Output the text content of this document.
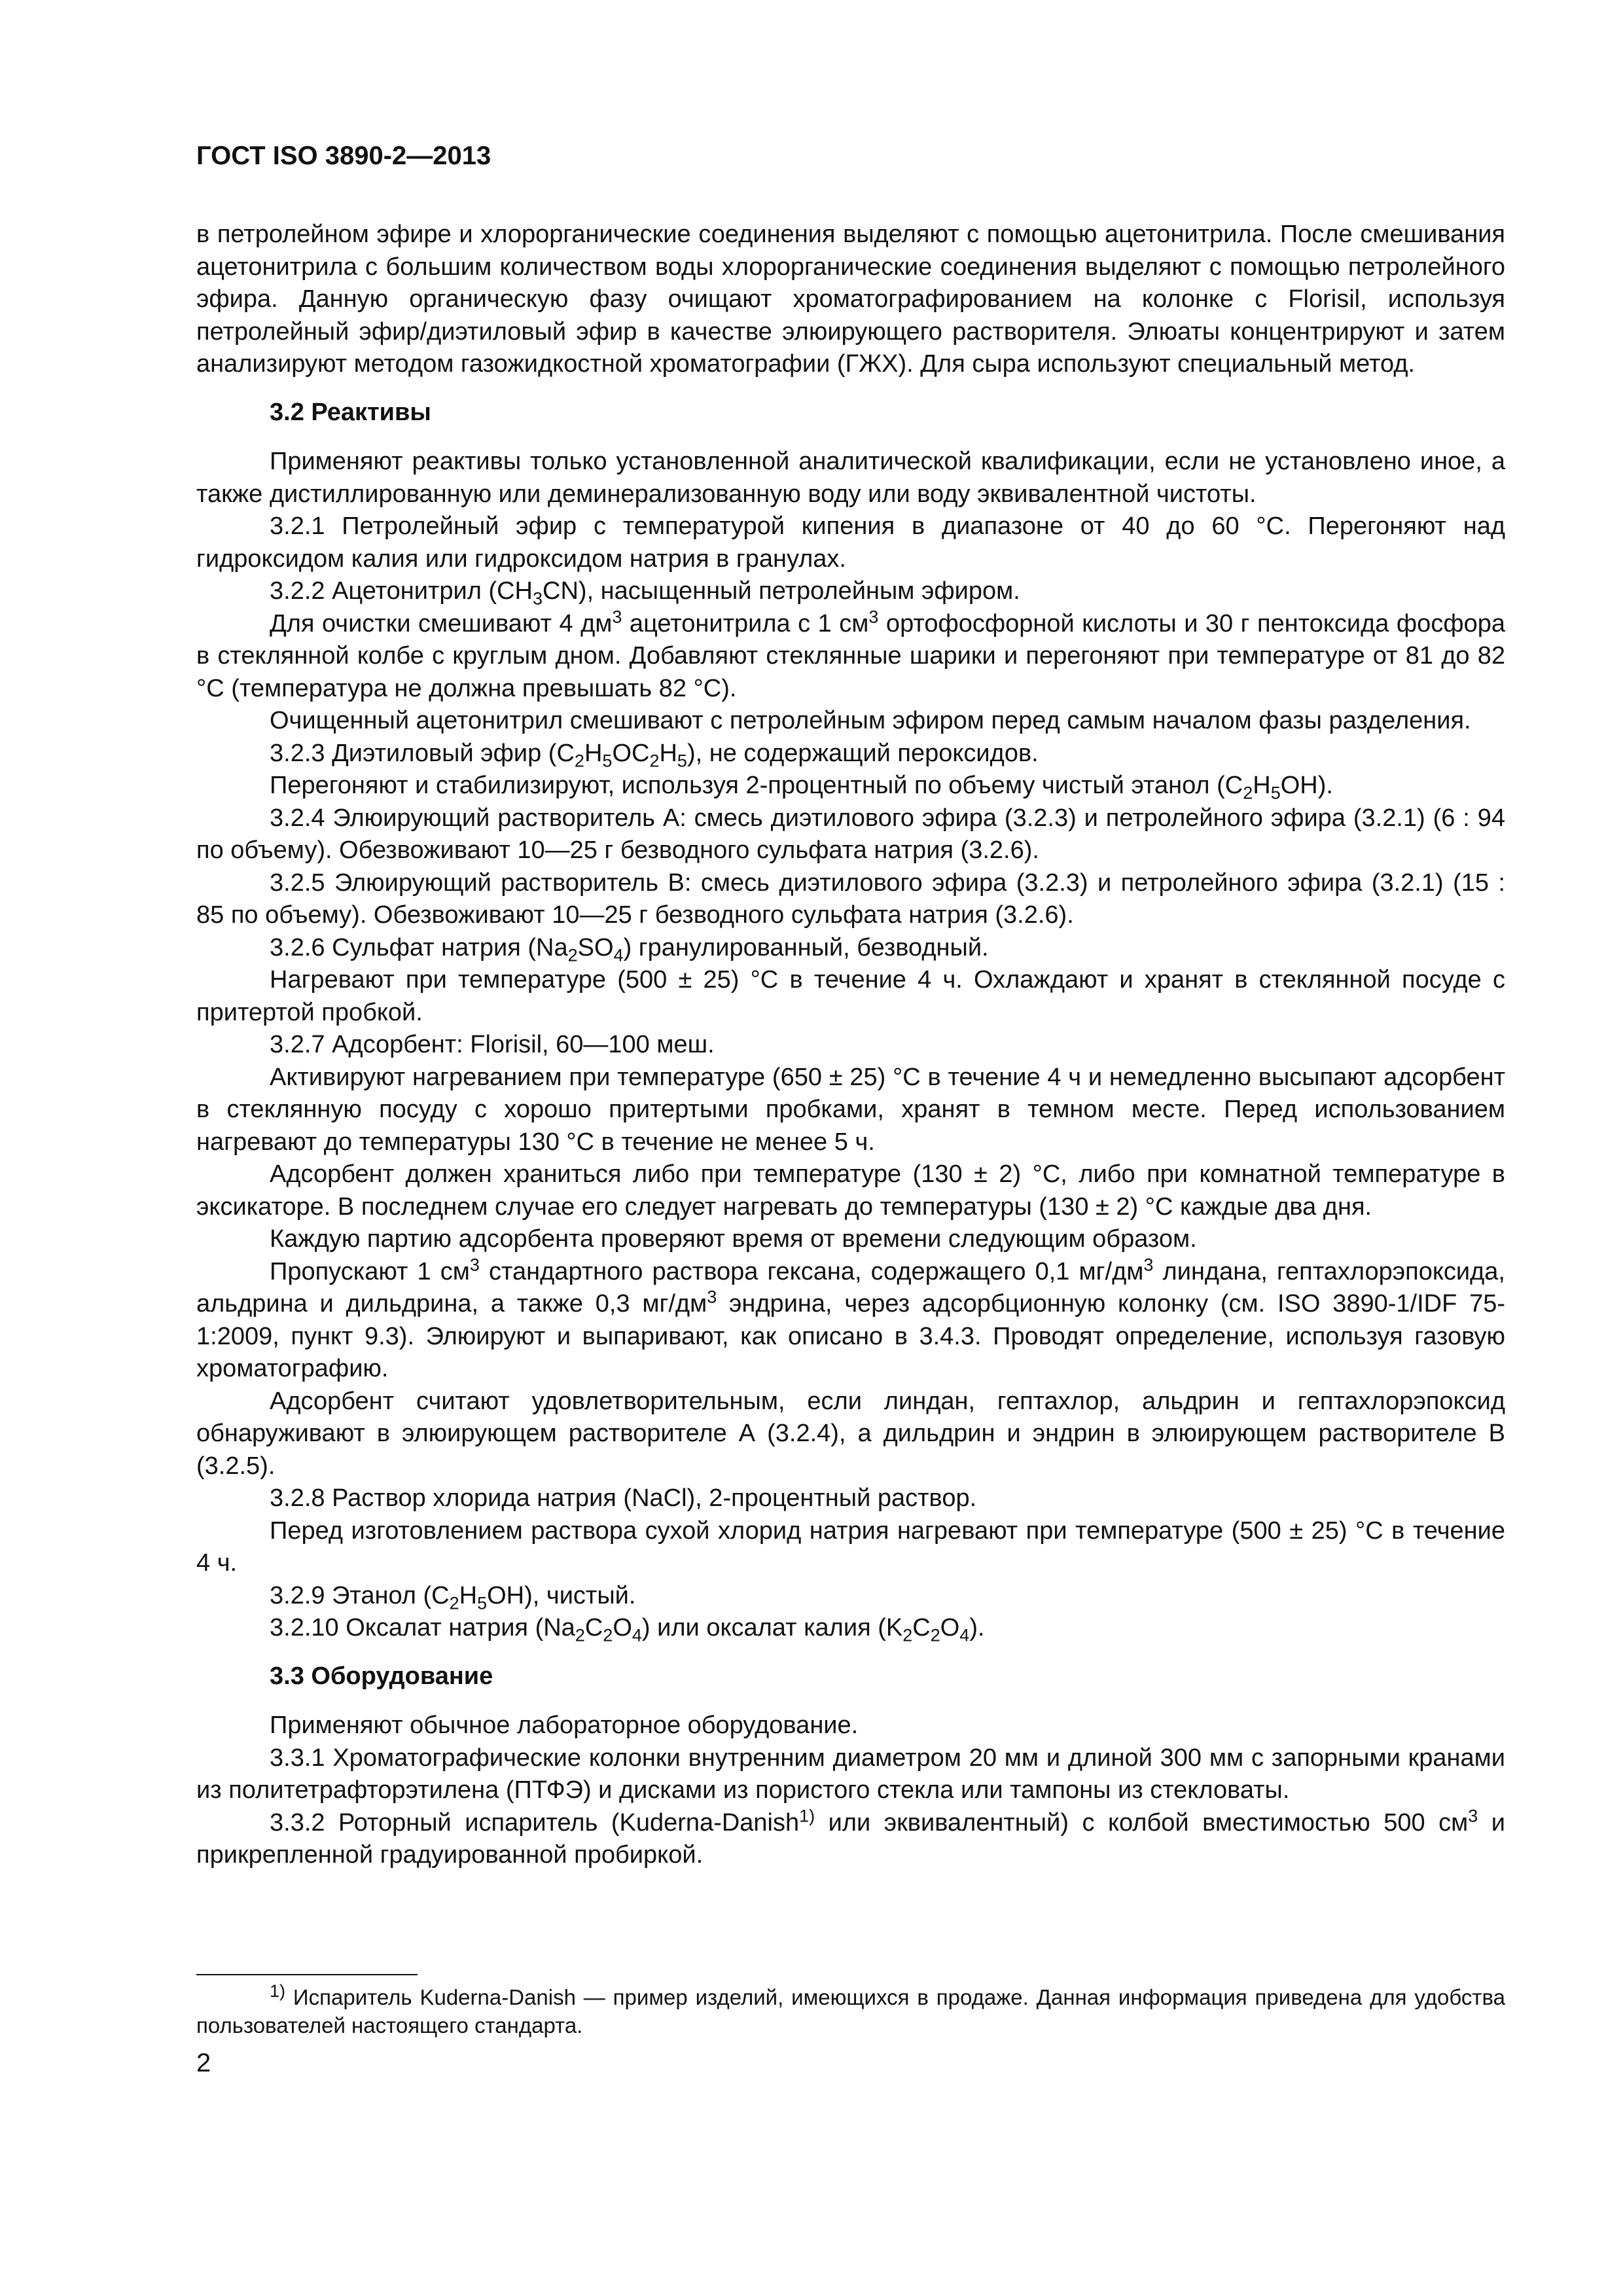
ГОСТ ISO 3890-2—2013

в петролейном эфире и хлорорганические соединения выделяют с помощью ацетонитрила. После смешивания ацетонитрила с большим количеством воды хлорорганические соединения выделяют с помощью петролейного эфира. Данную органическую фазу очищают хроматографированием на колонке с Florisil, используя петролейный эфир/диэтиловый эфир в качестве элюирующего растворителя. Элюаты концентрируют и затем анализируют методом газожидкостной хроматографии (ГЖХ). Для сыра используют специальный метод.

3.2 Реактивы

Применяют реактивы только установленной аналитической квалификации, если не установлено иное, а также дистиллированную или деминерализованную воду или воду эквивалентной чистоты.

3.2.1 Петролейный эфир с температурой кипения в диапазоне от 40 до 60 °С. Перегоняют над гидроксидом калия или гидроксидом натрия в гранулах.

3.2.2 Ацетонитрил $(CH_3CN)$, насыщенный петролейным эфиром.

Для очистки смешивают 4 $дм^3$ ацетонитрила с 1 $см^3$ ортофосфорной кислоты и 30 г пентоксида фосфора в стеклянной колбе с круглым дном. Добавляют стеклянные шарики и перегоняют при температуре от 81 до 82 °С (температура не должна превышать 82 °С).

Очищенный ацетонитрил смешивают с петролейным эфиром перед самым началом фазы разделения.

3.2.3 Диэтиловый эфир $(C_2H_5OC_2H_5)$, не содержащий пероксидов.

Перегоняют и стабилизируют, используя 2-процентный по объему чистый этанол $(C_2H_5OH)$.

3.2.4 Элюирующий растворитель А: смесь диэтилового эфира (3.2.3) и петролейного эфира (3.2.1) (6 : 94 по объему). Обезвоживают 10—25 г безводного сульфата натрия (3.2.6).

3.2.5 Элюирующий растворитель В: смесь диэтилового эфира (3.2.3) и петролейного эфира (3.2.1) (15 : 85 по объему). Обезвоживают 10—25 г безводного сульфата натрия (3.2.6).

3.2.6 Сульфат натрия $(Na_2SO_4)$ гранулированный, безводный.

Нагревают при температуре (500 ± 25) °С в течение 4 ч. Охлаждают и хранят в стеклянной посуде с притертой пробкой.

3.2.7 Адсорбент: Florisil, 60—100 меш.

Активируют нагреванием при температуре (650 ± 25) °С в течение 4 ч и немедленно высыпают адсорбент в стеклянную посуду с хорошо притертыми пробками, хранят в темном месте. Перед использованием нагревают до температуры 130 °С в течение не менее 5 ч.

Адсорбент должен храниться либо при температуре (130 ± 2) °С, либо при комнатной температуре в эксикаторе. В последнем случае его следует нагревать до температуры (130 ± 2) °С каждые два дня.

Каждую партию адсорбента проверяют время от времени следующим образом.

Пропускают 1 $см^3$ стандартного раствора гексана, содержащего 0,1 $мг/дм^3$ линдана, гептахлорэпоксида, альдрина и дильдрина, а также 0,3 $мг/дм^3$ эндрина, через адсорбционную колонку (см. ISO 3890-1/IDF 75-1:2009, пункт 9.3). Элюируют и выпаривают, как описано в 3.4.3. Проводят определение, используя газовую хроматографию.

Адсорбент считают удовлетворительным, если линдан, гептахлор, альдрин и гептахлорэпоксид обнаруживают в элюирующем растворителе А (3.2.4), а дильдрин и эндрин в элюирующем растворителе В (3.2.5).

3.2.8 Раствор хлорида натрия (NaCl), 2-процентный раствор.

Перед изготовлением раствора сухой хлорид натрия нагревают при температуре (500 ± 25) °С в течение 4 ч.

3.2.9 Этанол $(C_2H_5OH)$, чистый.

3.2.10 Оксалат натрия $(Na_2C_2O_4)$ или оксалат калия $(K_2C_2O_4)$.

3.3 Оборудование

Применяют обычное лабораторное оборудование.

3.3.1 Хроматографические колонки внутренним диаметром 20 мм и длиной 300 мм с запорными кранами из политетрафторэтилена (ПТФЭ) и дисками из пористого стекла или тампоны из стекловаты.

3.3.2 Роторный испаритель (Kuderna-Danish$^{1)}$ или эквивалентный) с колбой вместимостью 500 $см^3$ и прикрепленной градуированной пробиркой.

$^{1)}$ Испаритель Kuderna-Danish — пример изделий, имеющихся в продаже. Данная информация приведена для удобства пользователей настоящего стандарта.

2
